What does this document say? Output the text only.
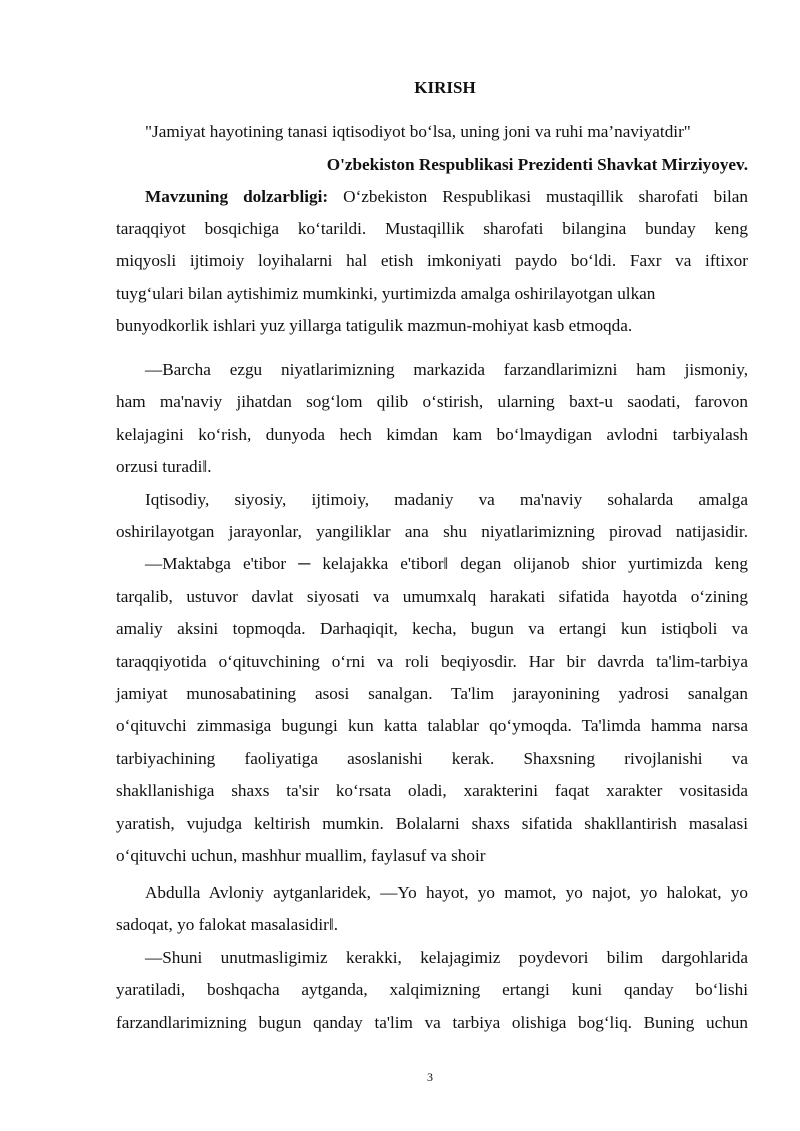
KIRISH
"Jamiyat hayotining tanasi iqtisodiyot bo‘lsa, uning joni va ruhi ma’naviyatdir"
O'zbekiston Respublikasi Prezidenti Shavkat Mirziyoyev.
Mavzuning dolzarbligi: O‘zbekiston Respublikasi mustaqillik sharofati bilan
taraqqiyot bosqichiga ko‘tarildi. Mustaqillik sharofati bilangina bunday keng
miqyosli ijtimoiy loyihalarni hal etish imkoniyati paydo bo‘ldi. Faxr va iftixor
tuyg‘ulari bilan aytishimiz mumkinki, yurtimizda amalga oshirilayotgan ulkan
bunyodkorlik ishlari yuz yillarga tatigulik mazmun-mohiyat kasb etmoqda.
―Barcha ezgu niyatlarimizning markazida farzandlarimizni ham jismoniy,
ham ma'naviy jihatdan sog‘lom qilib o‘stirish, ularning baxt-u saodati, farovon
kelajagini ko‘rish, dunyoda hech kimdan kam bo‘lmaydigan avlodni tarbiyalash
orzusi turadi‖.
Iqtisodiy, siyosiy, ijtimoiy, madaniy va ma'naviy sohalarda amalga
oshirilayotgan jarayonlar, yangiliklar ana shu niyatlarimizning pirovad natijasidir.
―Maktabga e'tibor ─ kelajakka e'tibor‖ degan olijanob shior yurtimizda keng
tarqalib, ustuvor davlat siyosati va umumxalq harakati sifatida hayotda o‘zining
amaliy aksini topmoqda. Darhaqiqit, kecha, bugun va ertangi kun istiqboli va
taraqqiyotida o‘qituvchining o‘rni va roli beqiyosdir. Har bir davrda ta'lim-tarbiya
jamiyat munosabatining asosi sanalgan. Ta'lim jarayonining yadrosi sanalgan
o‘qituvchi zimmasiga bugungi kun katta talablar qo‘ymoqda. Ta'limda hamma narsa
tarbiyachining faoliyatiga asoslanishi kerak. Shaxsning rivojlanishi va
shakllanishiga shaxs ta'sir ko‘rsata oladi, xarakterini faqat xarakter vositasida
yaratish, vujudga keltirish mumkin. Bolalarni shaxs sifatida shakllantirish masalasi
o‘qituvchi uchun, mashhur muallim, faylasuf va shoir
Abdulla Avloniy aytganlaridek, ―Yo hayot, yo mamot, yo najot, yo halokat, yo
sadoqat, yo falokat masalasidir‖.
―Shuni unutmasligimiz kerakki, kelajagimiz poydevori bilim dargohlarida
yaratiladi, boshqacha aytganda, xalqimizning ertangi kuni qanday bo‘lishi
farzandlarimizning bugun qanday ta'lim va tarbiya olishiga bog‘liq. Buning uchun
3
